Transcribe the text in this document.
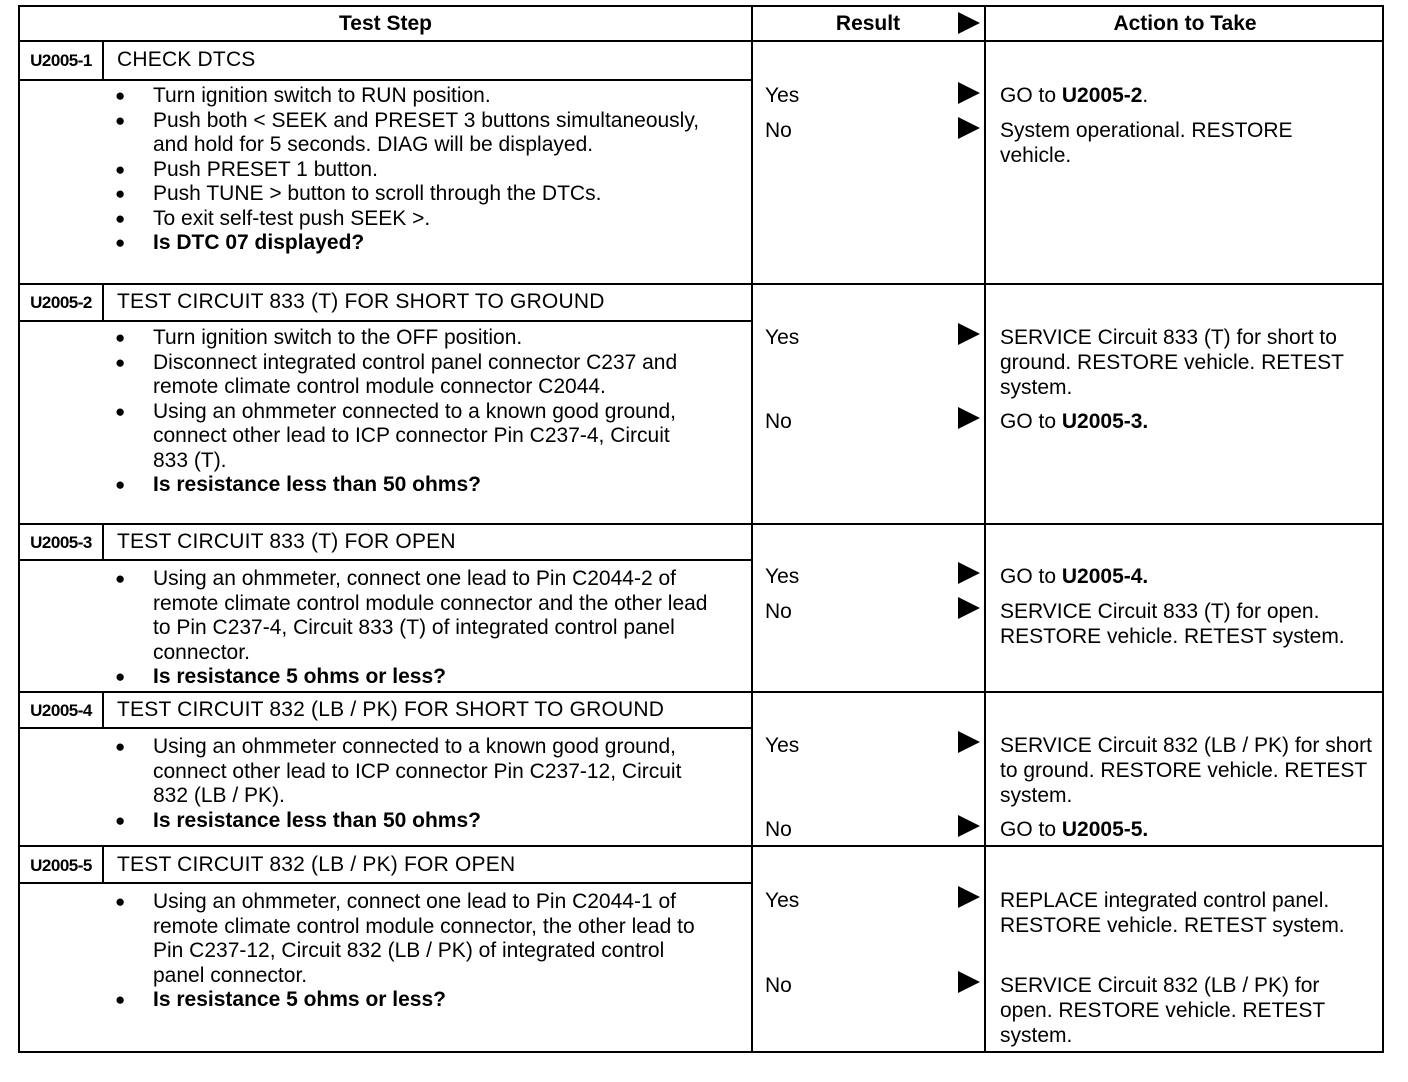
Test Step	Result	Action to Take
U2005-1	CHECK DTCS
● Turn ignition switch to RUN position.
● Push both < SEEK and PRESET 3 buttons simultaneously, and hold for 5 seconds. DIAG will be displayed.
● Push PRESET 1 button.
● Push TUNE > button to scroll through the DTCs.
● To exit self-test push SEEK >.
● Is DTC 07 displayed?
Yes	GO to U2005-2.
No	System operational. RESTORE vehicle.
U2005-2	TEST CIRCUIT 833 (T) FOR SHORT TO GROUND
● Turn ignition switch to the OFF position.
● Disconnect integrated control panel connector C237 and remote climate control module connector C2044.
● Using an ohmmeter connected to a known good ground, connect other lead to ICP connector Pin C237-4, Circuit 833 (T).
● Is resistance less than 50 ohms?
Yes	SERVICE Circuit 833 (T) for short to ground. RESTORE vehicle. RETEST system.
No	GO to U2005-3.
U2005-3	TEST CIRCUIT 833 (T) FOR OPEN
● Using an ohmmeter, connect one lead to Pin C2044-2 of remote climate control module connector and the other lead to Pin C237-4, Circuit 833 (T) of integrated control panel connector.
● Is resistance 5 ohms or less?
Yes	GO to U2005-4.
No	SERVICE Circuit 833 (T) for open. RESTORE vehicle. RETEST system.
U2005-4	TEST CIRCUIT 832 (LB / PK) FOR SHORT TO GROUND
● Using an ohmmeter connected to a known good ground, connect other lead to ICP connector Pin C237-12, Circuit 832 (LB / PK).
● Is resistance less than 50 ohms?
Yes	SERVICE Circuit 832 (LB / PK) for short to ground. RESTORE vehicle. RETEST system.
No	GO to U2005-5.
U2005-5	TEST CIRCUIT 832 (LB / PK) FOR OPEN
● Using an ohmmeter, connect one lead to Pin C2044-1 of remote climate control module connector, the other lead to Pin C237-12, Circuit 832 (LB / PK) of integrated control panel connector.
● Is resistance 5 ohms or less?
Yes	REPLACE integrated control panel. RESTORE vehicle. RETEST system.
No	SERVICE Circuit 832 (LB / PK) for open. RESTORE vehicle. RETEST system.
